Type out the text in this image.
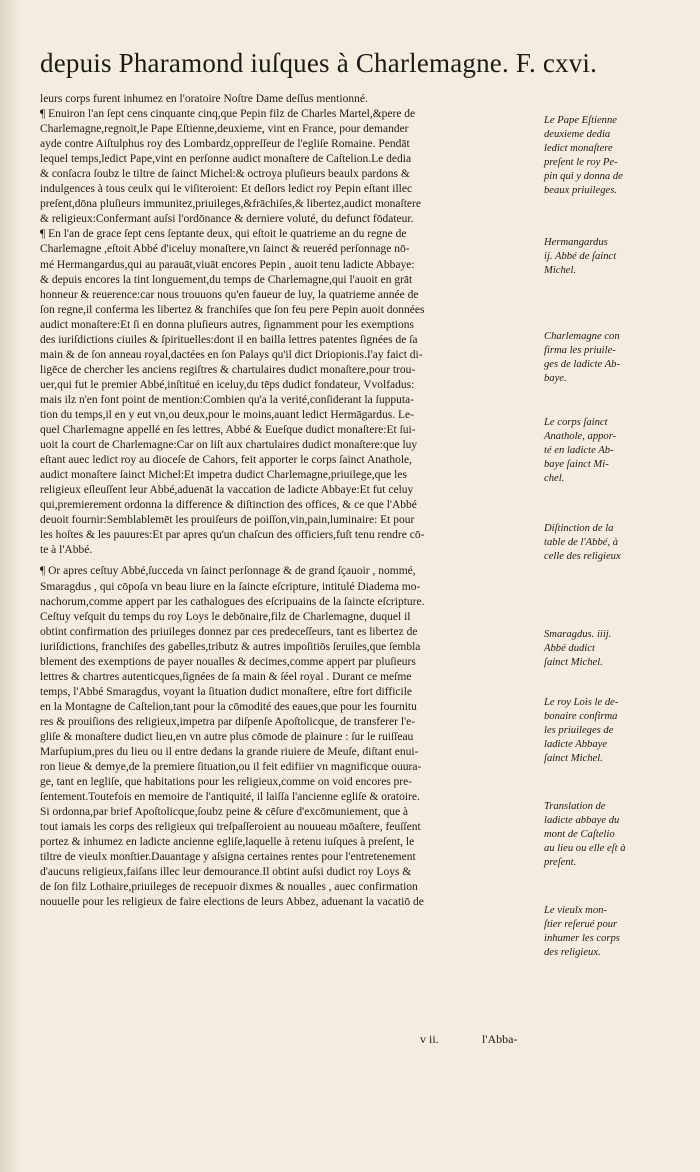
depuis Pharamond iuſques à Charlemagne. F. cxvi.
leurs corps furent inhumez en l'oratoire Noſtre Dame deſſus mentionné.
¶ Enuiron l'an ſept cens cinquante cinq,que Pepin filz de Charles Martel,&pere de
Charlemagne,regnoit,le Pape Eſtienne,deuxieme, vint en France, pour demander
ayde contre Aiſtulphus roy des Lombardz,oppreſſeur de l'egliſe Romaine. Pendāt
lequel temps,ledict Pape,vint en perſonne audict monaſtere de Caſtelion.Le dedia
& conſacra ſoubz le tiltre de ſainct Michel:& octroya pluſieurs beaulx pardons &
indulgences à tous ceulx qui le viſiteroient: Et deſlors ledict roy Pepin eſtant illec
preſent,dōna pluſieurs immunitez,priuileges,&frāchiſes,& libertez,audict monaſtere
& religieux:Confermant auſsi l'ordōnance & derniere voluté, du defunct fōdateur.
¶ En l'an de grace ſept cens ſeptante deux, qui eſtoit le quatrieme an du regne de
Charlemagne ,eſtoit Abbé d'iceluy monaſtere,vn ſainct & reueréd perſonnage nō-
mé Hermangardus,qui au parauāt,viuāt encores Pepin , auoit tenu ladicte Abbaye:
& depuis encores la tint longuement,du temps de Charlemagne,qui l'auoit en grāt
honneur & reuerence:car nous trouuons qu'en faueur de luy, la quatrieme année de
ſon regne,il conferma les libertez & franchiſes que ſon feu pere Pepin auoit données
audict monaſtere:Et ſi en donna pluſieurs autres, ſignamment pour les exemptions
des iuriſdictions ciuiles & ſpirituelles:dont il en bailla lettres patentes ſignées de ſa
main & de ſon anneau royal,dactées en ſon Palays qu'il dict Driopionis.I'ay faict di-
ligēce de chercher les anciens regiſtres & chartulaires dudict monaſtere,pour trou-
uer,qui fut le premier Abbé,inſtitué en iceluy,du tēps dudict fondateur, Vvolfadus:
mais ilz n'en font point de mention:Combien qu'a la verité,conſiderant la ſupputa-
tion du temps,il en y eut vn,ou deux,pour le moins,auant ledict Hermāgardus. Le-
quel Charlemagne appellé en ſes lettres, Abbé & Eueſque dudict monaſtere:Et ſui-
uoit la court de Charlemagne:Car on liſt aux chartulaires dudict monaſtere:que luy
eſtant auec ledict roy au dioceſe de Cahors, feit apporter le corps ſainct Anathole,
audict monaſtere ſainct Michel:Et impetra dudict Charlemagne,priuilege,que les
religieux eſleuſſent leur Abbé,aduenāt la vaccation de ladicte Abbaye:Et fut celuy
qui,premierement ordonna la difference & diſtinction des offices, & ce que l'Abbé
deuoit fournir:Semblablemēt les prouiſeurs de poiſſon,vin,pain,luminaire: Et pour
les hoſtes & les pauures:Et par apres qu'un chaſcun des officiers,fuſt tenu rendre cō-
te à l'Abbé.
¶ Or apres ceſtuy Abbé,ſucceda vn ſainct perſonnage & de grand ſçauoir , nommé,
Smaragdus , qui cōpoſa vn beau liure en la ſaincte eſcripture, intitulé Diadema mo-
nachorum,comme appert par les cathalogues des eſcripuains de la ſaincte eſcripture.
Ceſtuy veſquit du temps du roy Loys le debōnaire,filz de Charlemagne, duquel il
obtint confirmation des priuileges donnez par ces predeceſſeurs, tant es libertez de
iuriſdictions, franchiſes des gabelles,tributz & autres impoſitiōs ſeruiles,que ſembla
blement des exemptions de payer noualles & decimes,comme appert par pluſieurs
lettres & chartres autenticques,ſignées de ſa main & ſéel royal . Durant ce meſme
temps, l'Abbé Smaragdus, voyant la ſituation dudict monaſtere, eſtre fort difficile
en la Montagne de Caſtelion,tant pour la cōmodité des eaues,que pour les fournitu
res & prouiſions des religieux,impetra par diſpenſe Apoſtolicque, de transferer l'e-
gliſe & monaſtere dudict lieu,en vn autre plus cōmode de plainure : ſur le ruiſſeau
Marſupium,pres du lieu ou il entre dedans la grande riuiere de Meuſe, diſtant enui-
ron lieue & demye,de la premiere ſituation,ou il feit edifiier vn magnificque ouura-
ge, tant en legliſe, que habitations pour les religieux,comme on void encores pre-
ſentement.Toutefois en memoire de l'antiquité, il laiſſa l'ancienne egliſe & oratoire.
Si ordonna,par brief Apoſtolicque,ſoubz peine & cēſure d'excōmuniement, que à
tout iamais les corps des religieux qui treſpaſſeroient au nouueau mōaſtere, feuſſent
portez & inhumez en ladicte ancienne egliſe,laquelle à retenu iuſques à preſent, le
tiltre de vieulx monſtier.Dauantage y aſsigna certaines rentes pour l'entretenement
d'aucuns religieux,faiſans illec leur demourance.Il obtint auſsi dudict roy Loys &
de ſon filz Lothaire,priuileges de recepuoir dixmes & noualles , auec confirmation
nouuelle pour les religieux de faire elections de leurs Abbez, aduenant la vacatiō de
v ii.	l'Abba-
Le Pape Eſtienne
deuxieme dedia
ledict monaſtere
preſent le roy Pe-
pin qui y donna de
beaux priuileges.
Hermangardus
ij. Abbé de ſainct
Michel.
Charlemagne con
firma les priuile-
ges de ladicte Ab-
baye.
Le corps ſainct
Anathole, appor-
té en ladicte Ab-
baye ſainct Mi-
chel.
Diſtinction de la
table de l'Abbé, à
celle des religieux
Smaragdus. iiij.
Abbé dudict
ſainct Michel.
Le roy Lois le de-
bonaire confirma
les priuileges de
ladicte Abbaye
ſainct Michel.
Translation de
ladicte abbaye du
mont de Caſtelio
au lieu ou elle eſt à
preſent.
Le vieulx mon-
ſtier reſerué pour
inhumer les corps
des religieux.
